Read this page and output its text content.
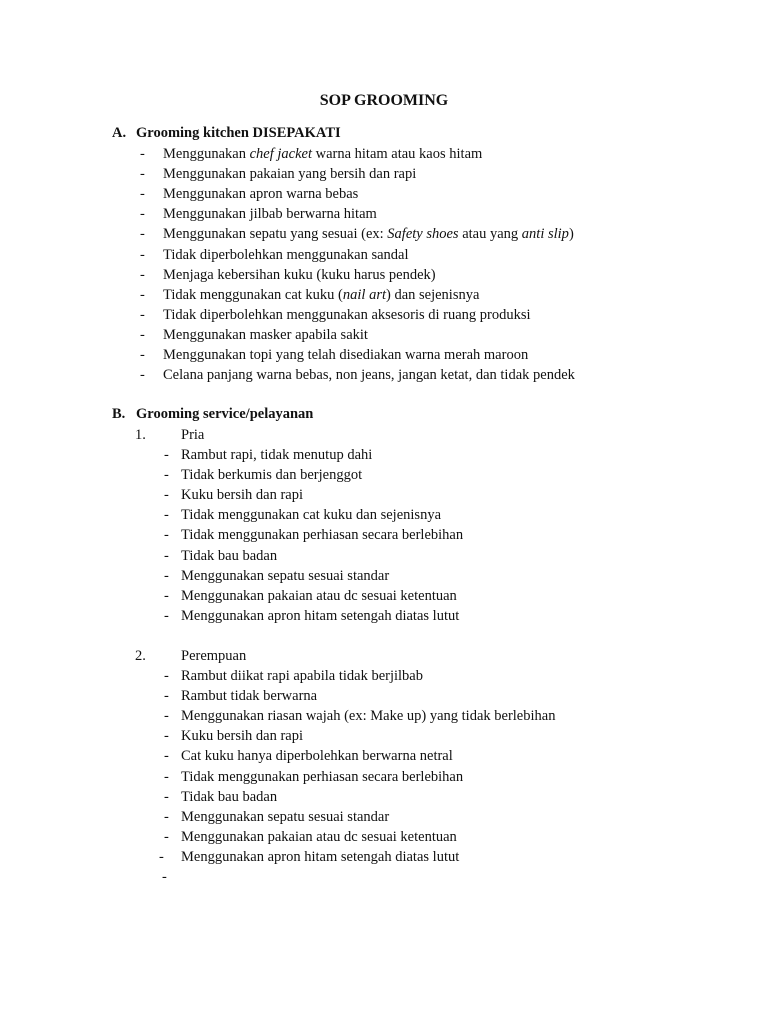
SOP GROOMING
A. Grooming kitchen DISEPAKATI
- Menggunakan chef jacket warna hitam atau kaos hitam
- Menggunakan pakaian yang bersih dan rapi
- Menggunakan apron warna bebas
- Menggunakan jilbab berwarna hitam
- Menggunakan sepatu yang sesuai (ex: Safety shoes atau yang anti slip)
- Tidak diperbolehkan menggunakan sandal
- Menjaga kebersihan kuku (kuku harus pendek)
- Tidak menggunakan cat kuku (nail art) dan sejenisnya
- Tidak diperbolehkan menggunakan aksesoris di ruang produksi
- Menggunakan masker apabila sakit
- Menggunakan topi yang telah disediakan warna merah maroon
- Celana panjang warna bebas, non jeans, jangan ketat, dan tidak pendek
B. Grooming service/pelayanan
1. Pria
- Rambut rapi, tidak menutup dahi
- Tidak berkumis dan berjenggot
- Kuku bersih dan rapi
- Tidak menggunakan cat kuku dan sejenisnya
- Tidak menggunakan perhiasan secara berlebihan
- Tidak bau badan
- Menggunakan sepatu sesuai standar
- Menggunakan pakaian atau dc sesuai ketentuan
- Menggunakan apron hitam setengah diatas lutut
2. Perempuan
- Rambut diikat rapi apabila tidak berjilbab
- Rambut tidak berwarna
- Menggunakan riasan wajah (ex: Make up) yang tidak berlebihan
- Kuku bersih dan rapi
- Cat kuku hanya diperbolehkan berwarna netral
- Tidak menggunakan perhiasan secara berlebihan
- Tidak bau badan
- Menggunakan sepatu sesuai standar
- Menggunakan pakaian atau dc sesuai ketentuan
- Menggunakan apron hitam setengah diatas lutut
-
